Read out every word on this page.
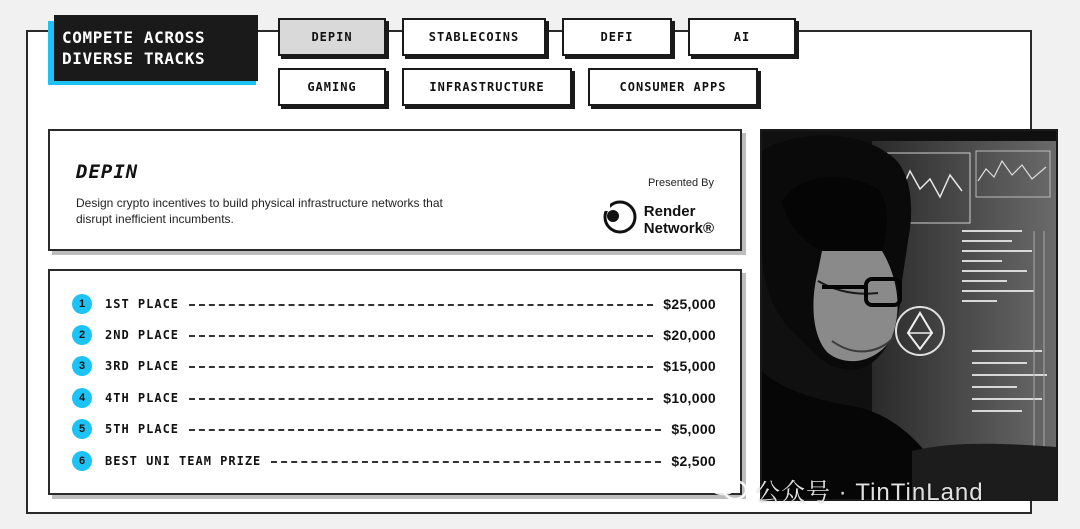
COMPETE ACROSS
DIVERSE TRACKS
DEPIN	STABLECOINS	DEFI	AI
GAMING	INFRASTRUCTURE	CONSUMER APPS
DEPIN
Design crypto incentives to build physical infrastructure networks that
disrupt inefficient incumbents.
Presented By
Render
Network®
1	1ST PLACE	$25,000
2	2ND PLACE	$20,000
3	3RD PLACE	$15,000
4	4TH PLACE	$10,000
5	5TH PLACE	$5,000
6	BEST UNI TEAM PRIZE	$2,500
公众号 · TinTinLand
